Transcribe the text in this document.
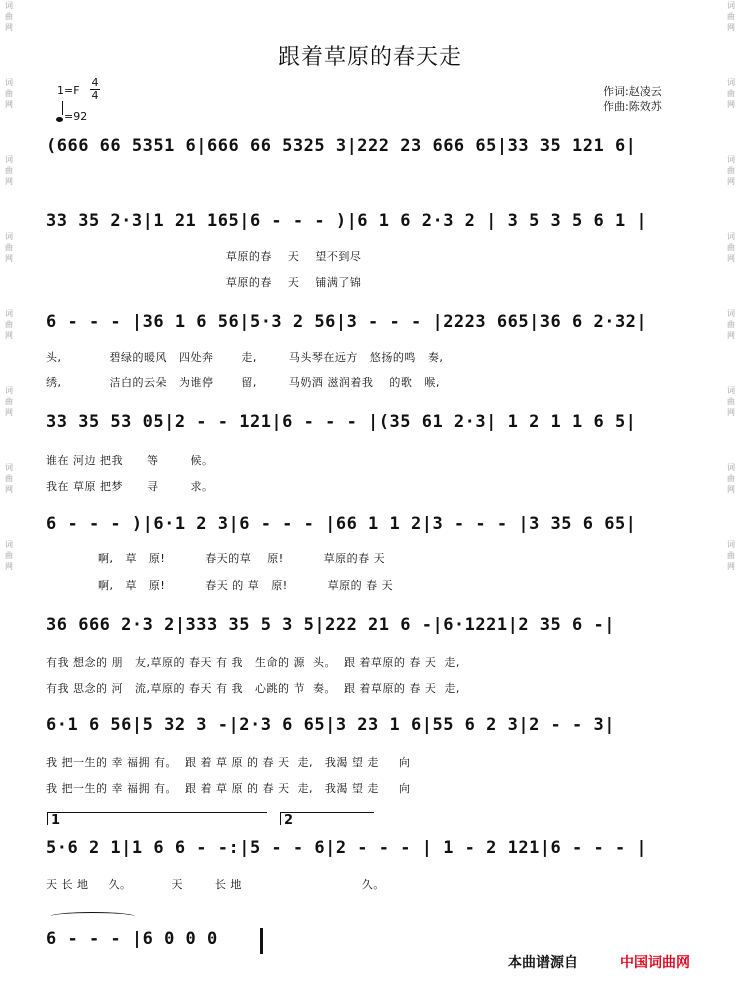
词曲网

词曲网

词曲网

词曲网

词曲网

词曲网

词曲网

词曲网

词曲网

词曲网

词曲网

词曲网

词曲网

词曲网

词曲网

词曲网

跟着草原的春天走
1=F
4
4
=92
作词:赵凌云
作曲:陈效苏
(666 66 5351 6|666 66 5325 3|222 23 666 65|33 35 121 6|
33 35 2·3|1 21 165|6 - - - )|6 1 6 2·3 2 | 3 5 3 5 6 1 |
草原的春    天    望不到尽
草原的春    天    铺满了锦
6 - - - |36 1 6 56|5·3 2 56|3 - - - |2223 665|36 6 2·32|
头,            碧绿的暖风   四处奔       走,        马头琴在远方   悠扬的鸣   奏,
绣,            洁白的云朵   为谁停       留,        马奶酒 滋润着我    的歌   喉,
33 35 53 05|2 - - 121|6 - - - |(35 61 2·3| 1 2 1 1 6 5|
谁在 河边 把我      等        候。
我在 草原 把梦      寻        求。
6 - - - )|6·1 2 3|6 - - - |66 1 1 2|3 - - - |3 35 6 65|
啊,   草   原!          春天的草    原!          草原的春 天
啊,   草   原!          春天 的 草   原!          草原的 春 天
36 666 2·3 2|333 35 5 3 5|222 21 6 -|6·1221|2 35 6 -|
有我 想念的 朋   友,草原的 春天 有 我   生命的 源  头。  跟 着草原的 春 天  走,
有我 思念的 河   流,草原的 春天 有 我   心跳的 节  奏。  跟 着草原的 春 天  走,
6·1 6 56|5 32 3 -|2·3 6 65|3 23 1 6|55 6 2 3|2 - - 3|
我 把一生的 幸 福拥 有。  跟 着 草 原 的 春 天  走,   我渴 望 走     向
我 把一生的 幸 福拥 有。  跟 着 草 原 的 春 天  走,   我渴 望 走     向
1	2
5·6 2 1|1 6 6 - -:|5 - - 6|2 - - - | 1 - 2 121|6 - - - |
天 长 地     久。          天        长 地                              久。
6 - - - |6 0 0 0
本曲谱源自	中国词曲网
